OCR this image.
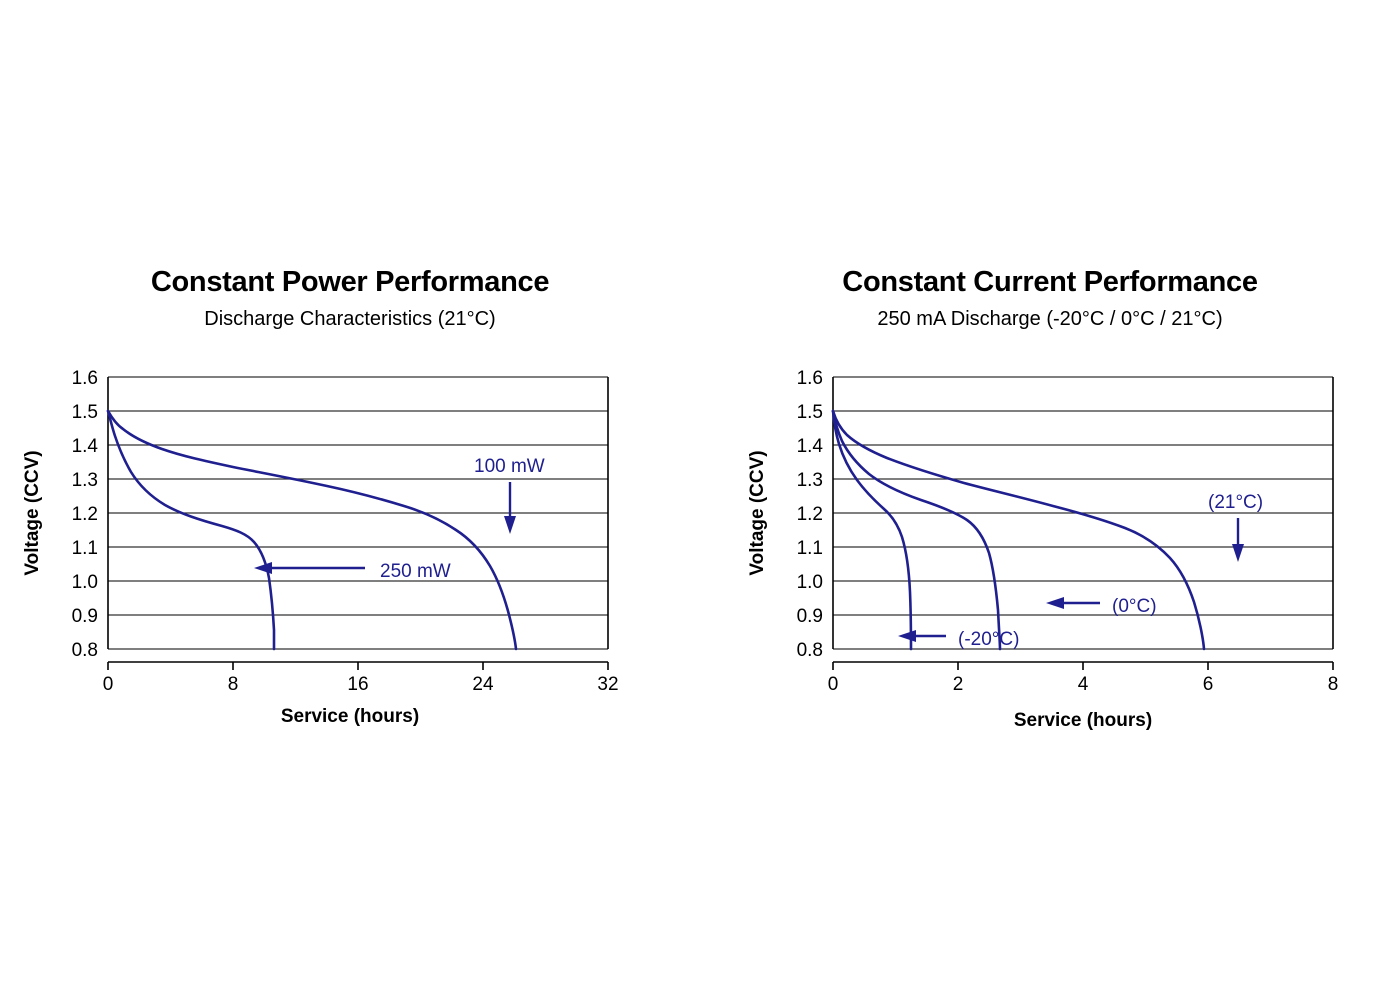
Constant Power Performance
Discharge Characteristics (21°C)
1.6
1.5
1.4
1.3
1.2
1.1
1.0
0.9
0.8
0	8	16	24	32
Voltage (CCV)
Service (hours)
100 mW
250 mW
Constant Current Performance
250 mA Discharge (-20°C / 0°C / 21°C)
1.6
1.5
1.4
1.3
1.2
1.1
1.0
0.9
0.8
0	2	4	6	8
Voltage (CCV)
Service (hours)
(21°C)
(0°C)
(-20°C)
